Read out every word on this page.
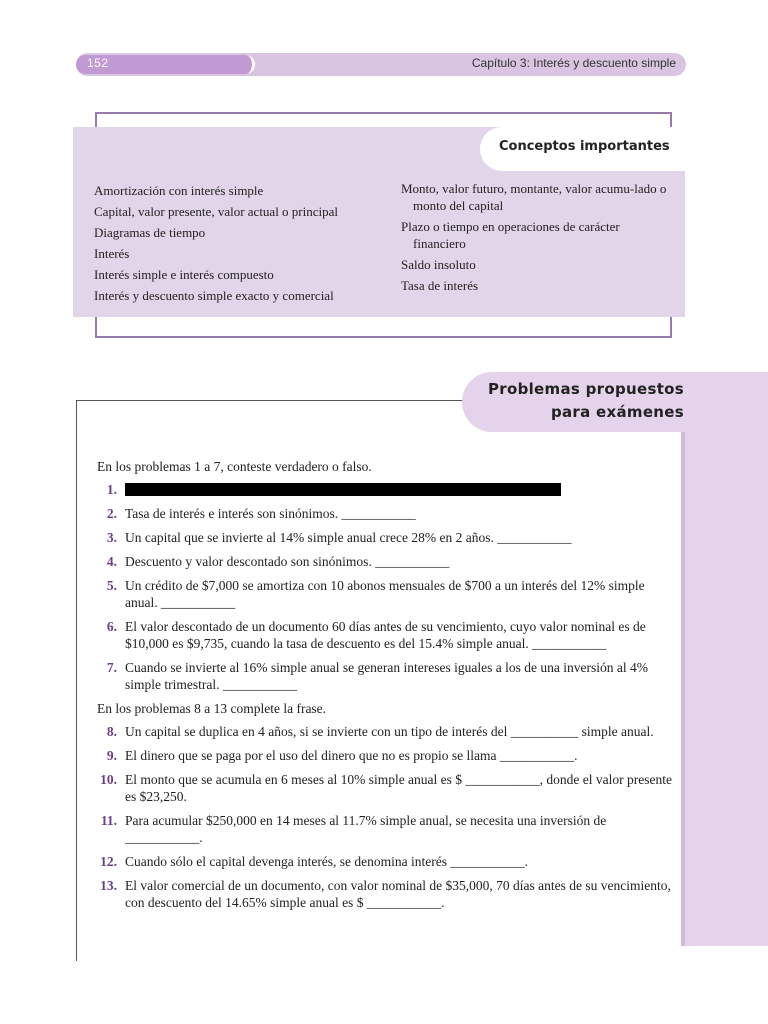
152	Capítulo 3: Interés y descuento simple
Conceptos importantes
Amortización con interés simple
Capital, valor presente, valor actual o principal
Diagramas de tiempo
Interés
Interés simple e interés compuesto
Interés y descuento simple exacto y comercial
Monto, valor futuro, montante, valor acumu-lado o monto del capital
Plazo o tiempo en operaciones de carácter financiero
Saldo insoluto
Tasa de interés
Problemas propuestos
para exámenes

En los problemas 1 a 7, conteste verdadero o falso.

1.
2. Tasa de interés e interés son sinónimos. ___________
3. Un capital que se invierte al 14% simple anual crece 28% en 2 años. ___________
4. Descuento y valor descontado son sinónimos. ___________
5. Un crédito de $7,000 se amortiza con 10 abonos mensuales de $700 a un interés del 12% simple anual. ___________
6. El valor descontado de un documento 60 días antes de su vencimiento, cuyo valor nominal es de $10,000 es $9,735, cuando la tasa de descuento es del 15.4% simple anual. ___________
7. Cuando se invierte al 16% simple anual se generan intereses iguales a los de una inversión al 4% simple trimestral. ___________

En los problemas 8 a 13 complete la frase.

8. Un capital se duplica en 4 años, si se invierte con un tipo de interés del __________ simple anual.
9. El dinero que se paga por el uso del dinero que no es propio se llama ___________.
10. El monto que se acumula en 6 meses al 10% simple anual es $ ___________, donde el valor presente es $23,250.
11. Para acumular $250,000 en 14 meses al 11.7% simple anual, se necesita una inversión de ___________.
12. Cuando sólo el capital devenga interés, se denomina interés ___________.
13. El valor comercial de un documento, con valor nominal de $35,000, 70 días antes de su vencimiento, con descuento del 14.65% simple anual es $ ___________.
